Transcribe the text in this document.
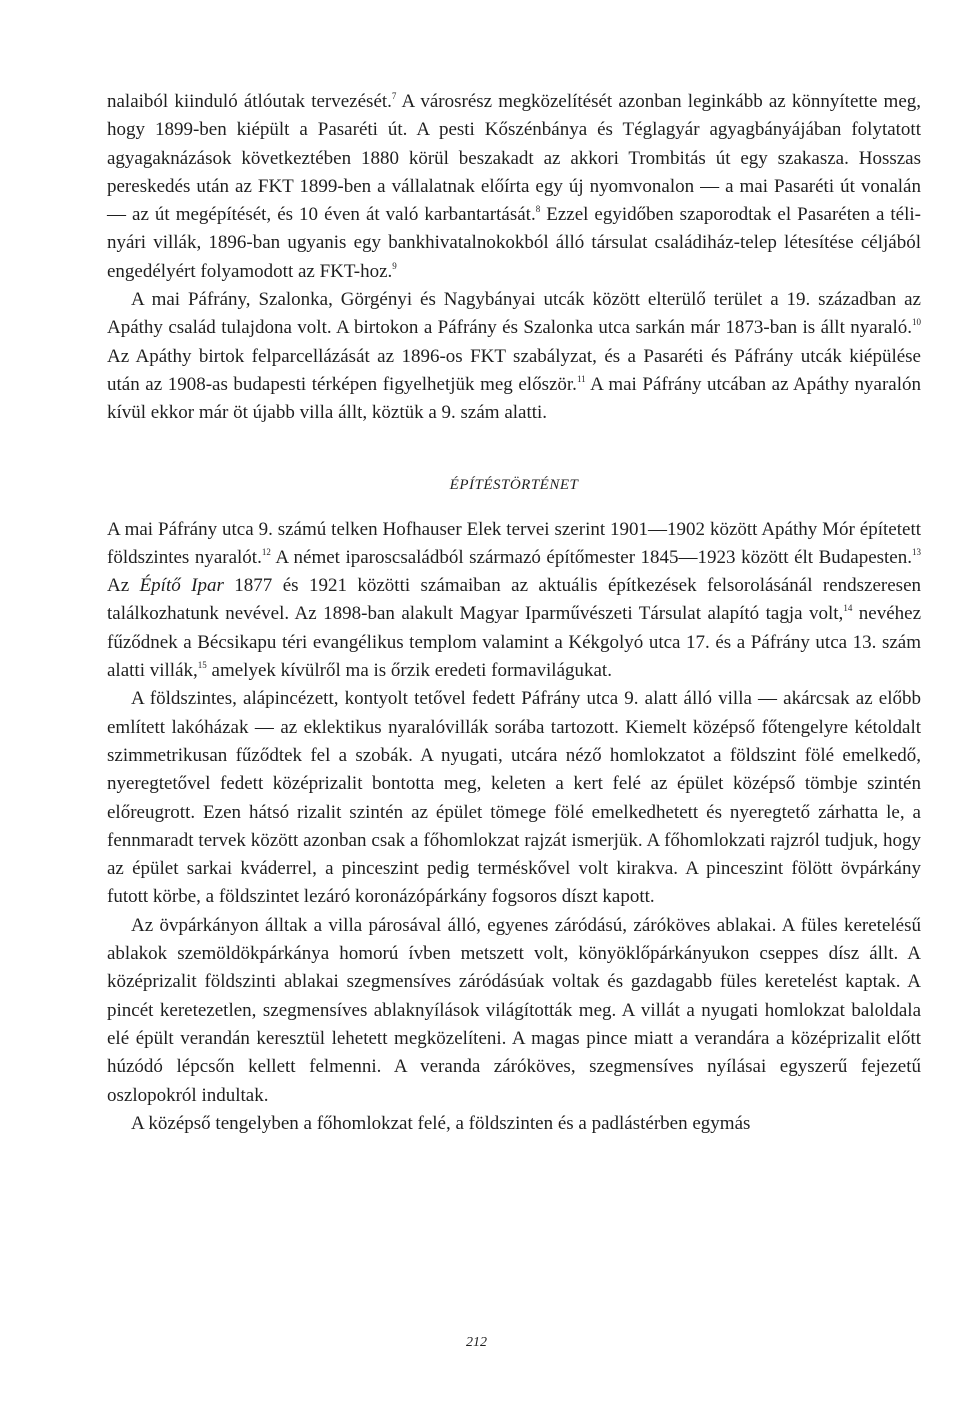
nalaiból kiinduló átlóutak tervezését.$^7$ A városrész megközelítését azonban leginkább az könnyítette meg, hogy 1899-ben kiépült a Pasaréti út. A pesti Kőszénbánya és Téglagyár agyagbányájában folytatott agyagaknázások következtében 1880 körül beszakadt az akkori Trombitás út egy szakasza. Hosszas pereskedés után az FKT 1899-ben a vállalatnak előírta egy új nyomvonalon — a mai Pasaréti út vonalán — az út megépítését, és 10 éven át való karbantartását.$^8$ Ezzel egyidőben szaporodtak el Pasaréten a téli-nyári villák, 1896-ban ugyanis egy bankhivatalnokokból álló társulat családiház-telep létesítése céljából engedélyért folyamodott az FKT-hoz.$^9$

A mai Páfrány, Szalonka, Görgényi és Nagybányai utcák között elterülő terület a 19. században az Apáthy család tulajdona volt. A birtokon a Páfrány és Szalonka utca sarkán már 1873-ban is állt nyaraló.$^{10}$ Az Apáthy birtok felparcellázását az 1896-os FKT szabályzat, és a Pasaréti és Páfrány utcák kiépülése után az 1908-as budapesti térképen figyelhetjük meg először.$^{11}$ A mai Páfrány utcában az Apáthy nyaralón kívül ekkor már öt újabb villa állt, köztük a 9. szám alatti.

ÉPÍTÉSTÖRTÉNET

A mai Páfrány utca 9. számú telken Hofhauser Elek tervei szerint 1901—1902 között Apáthy Mór építetett földszintes nyaralót.$^{12}$ A német iparoscsaládból származó építőmester 1845—1923 között élt Budapesten.$^{13}$ Az Építő Ipar 1877 és 1921 közötti számaiban az aktuális építkezések felsorolásánál rendszeresen találkozhatunk nevével. Az 1898-ban alakult Magyar Iparművészeti Társulat alapító tagja volt,$^{14}$ nevéhez fűződnek a Bécsikapu téri evangélikus templom valamint a Kékgolyó utca 17. és a Páfrány utca 13. szám alatti villák,$^{15}$ amelyek kívülről ma is őrzik eredeti formavilágukat.

A földszintes, alápincézett, kontyolt tetővel fedett Páfrány utca 9. alatt álló villa — akárcsak az előbb említett lakóházak — az eklektikus nyaralóvillák sorába tartozott. Kiemelt középső főtengelyre kétoldalt szimmetrikusan fűződtek fel a szobák. A nyugati, utcára néző homlokzatot a földszint fölé emelkedő, nyeregtetővel fedett középrizalit bontotta meg, keleten a kert felé az épület középső tömbje szintén előreugrott. Ezen hátsó rizalit szintén az épület tömege fölé emelkedhetett és nyeregtető zárhatta le, a fennmaradt tervek között azonban csak a főhomlokzat rajzát ismerjük. A főhomlokzati rajzról tudjuk, hogy az épület sarkai kváderrel, a pinceszint pedig terméskővel volt kirakva. A pinceszint fölött övpárkány futott körbe, a földszintet lezáró koronázópárkány fogsoros díszt kapott.

Az övpárkányon álltak a villa párosával álló, egyenes záródású, záróköves ablakai. A füles keretelésű ablakok szemöldökpárkánya homorú ívben metszett volt, könyöklőpárkányukon cseppes dísz állt. A középrizalit földszinti ablakai szegmensíves záródásúak voltak és gazdagabb füles keretelést kaptak. A pincét keretezetlen, szegmensíves ablaknyílások világították meg. A villát a nyugati homlokzat baloldala elé épült verandán keresztül lehetett megközelíteni. A magas pince miatt a verandára a középrizalit előtt húzódó lépcsőn kellett felmenni. A veranda záróköves, szegmensíves nyílásai egyszerű fejezetű oszlopokról indultak.

A középső tengelyben a főhomlokzat felé, a földszinten és a padlástérben egymás

212
